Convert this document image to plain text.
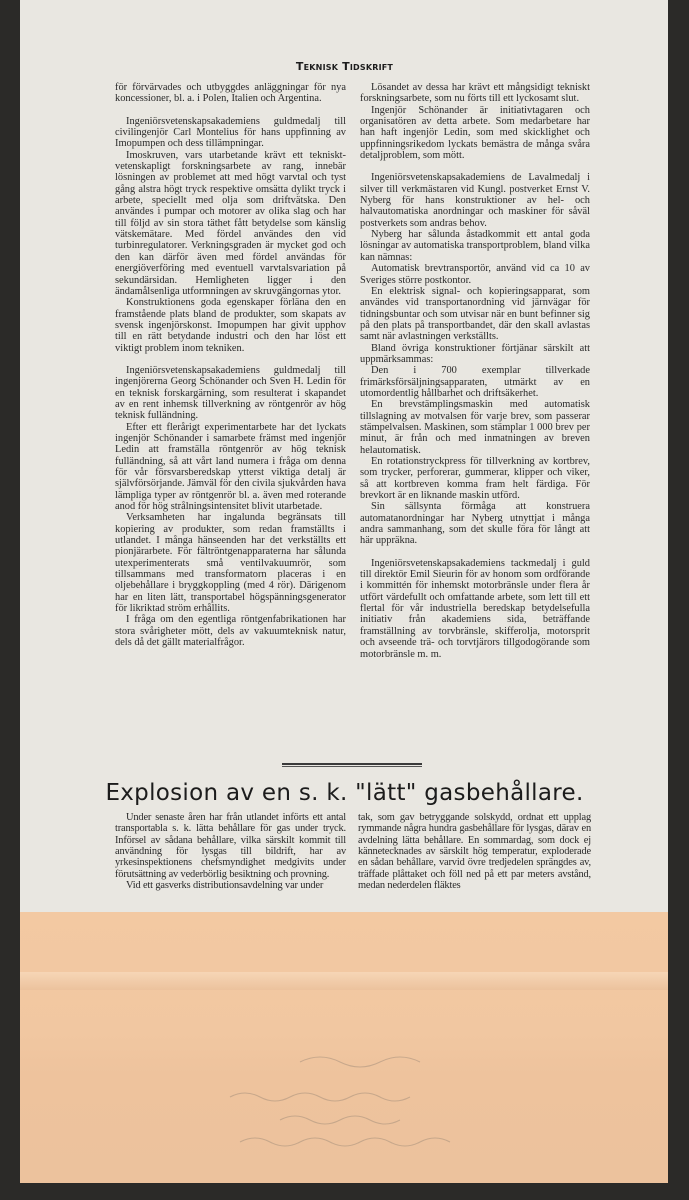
Teknisk Tidskrift

för förvärvades och utbyggdes anläggningar för nya koncessioner, bl. a. i Polen, Italien och Argentina.

Ingeniörsvetenskapsakademiens guldmedalj till civilingenjör Carl Montelius för hans uppfinning av Imopumpen och dess tillämpningar.

Imoskruven, vars utarbetande krävt ett tekniskt-vetenskapligt forskningsarbete av rang, innebär lösningen av problemet att med högt varvtal och tyst gång alstra högt tryck respektive omsätta dylikt tryck i arbete, speciellt med olja som driftvätska. Den användes i pumpar och motorer av olika slag och har till följd av sin stora täthet fått betydelse som känslig vätskemätare. Med fördel användes den vid turbinregulatorer. Verkningsgraden är mycket god och den kan därför även med fördel användas för energiöverföring med eventuell varvtalsvariation på sekundärsidan. Hemligheten ligger i den ändamålsenliga utformningen av skruvgängornas ytor.

Konstruktionens goda egenskaper förläna den en framstående plats bland de produkter, som skapats av svensk ingenjörskonst. Imopumpen har givit upphov till en rätt betydande industri och den har löst ett viktigt problem inom tekniken.

Ingeniörsvetenskapsakademiens guldmedalj till ingenjörerna Georg Schönander och Sven H. Ledin för en teknisk forskargärning, som resulterat i skapandet av en rent inhemsk tillverkning av röntgenrör av hög teknisk fulländning.

Efter ett flerårigt experimentarbete har det lyckats ingenjör Schönander i samarbete främst med ingenjör Ledin att framställa röntgenrör av hög teknisk fulländning, så att vårt land numera i fråga om denna för vår försvarsberedskap ytterst viktiga detalj är självförsörjande. Jämväl för den civila sjukvården hava lämpliga typer av röntgenrör bl. a. även med roterande anod för hög strålningsintensitet blivit utarbetade.

Verksamheten har ingalunda begränsats till kopiering av produkter, som redan framställts i utlandet. I många hänseenden har det verkställts ett pionjärarbete. För fältröntgenapparaterna har sålunda utexperimenterats små ventilvakuumrör, som tillsammans med transformatorn placeras i en oljebehållare i bryggkoppling (med 4 rör). Därigenom har en liten lätt, transportabel högspänningsgenerator för likriktad ström erhållits.

I fråga om den egentliga röntgenfabrikationen har stora svårigheter mött, dels av vakuumteknisk natur, dels då det gällt materialfrågor.

Lösandet av dessa har krävt ett mångsidigt tekniskt forskningsarbete, som nu förts till ett lyckosamt slut.

Ingenjör Schönander är initiativtagaren och organisatören av detta arbete. Som medarbetare har han haft ingenjör Ledin, som med skicklighet och uppfinningsrikedom lyckats bemästra de många svåra detaljproblem, som mött.

Ingeniörsvetenskapsakademiens de Lavalmedalj i silver till verkmästaren vid Kungl. postverket Ernst V. Nyberg för hans konstruktioner av hel- och halvautomatiska anordningar och maskiner för såväl postverkets som andras behov.

Nyberg har sålunda åstadkommit ett antal goda lösningar av automatiska transportproblem, bland vilka kan nämnas:

Automatisk brevtransportör, använd vid ca 10 av Sveriges större postkontor.

En elektrisk signal- och kopieringsapparat, som användes vid transportanordning vid järnvägar för tidningsbuntar och som utvisar när en bunt befinner sig på den plats på transportbandet, där den skall avlastas samt när avlastningen verkställts.

Bland övriga konstruktioner förtjänar särskilt att uppmärksammas:

Den i 700 exemplar tillverkade frimärksförsäljningsapparaten, utmärkt av en utomordentlig hållbarhet och driftsäkerhet.

En brevstämplingsmaskin med automatisk tillslagning av motvalsen för varje brev, som passerar stämpelvalsen. Maskinen, som stämplar 1 000 brev per minut, är från och med inmatningen av breven helautomatisk.

En rotationstryckpress för tillverkning av kortbrev, som trycker, perforerar, gummerar, klipper och viker, så att kortbreven komma fram helt färdiga. För brevkort är en liknande maskin utförd.

Sin sällsynta förmåga att konstruera automatanordningar har Nyberg utnyttjat i många andra sammanhang, som det skulle föra för långt att här uppräkna.

Ingeniörsvetenskapsakademiens tackmedalj i guld till direktör Emil Sieurin för av honom som ordförande i kommittén för inhemskt motorbränsle under flera år utfört värdefullt och omfattande arbete, som lett till ett flertal för vår industriella beredskap betydelsefulla initiativ från akademiens sida, beträffande framställning av torvbränsle, skifferolja, motorsprit och avseende trä- och torvtjärors tillgodogörande som motorbränsle m. m.

Explosion av en s. k. "lätt" gasbehållare.

Under senaste åren har från utlandet införts ett antal transportabla s. k. lätta behållare för gas under tryck. Införsel av sådana behållare, vilka särskilt kommit till användning för lysgas till bildrift, har av yrkesinspektionens chefsmyndighet medgivits under förutsättning av vederbörlig besiktning och provning.

Vid ett gasverks distributionsavdelning var under

tak, som gav betryggande solskydd, ordnat ett upplag rymmande några hundra gasbehållare för lysgas, därav en avdelning lätta behållare. En sommardag, som dock ej kännetecknades av särskilt hög temperatur, exploderade en sådan behållare, varvid övre tredjedelen sprängdes av, träffade plåttaket och föll ned på ett par meters avstånd, medan nederdelen fläktes
